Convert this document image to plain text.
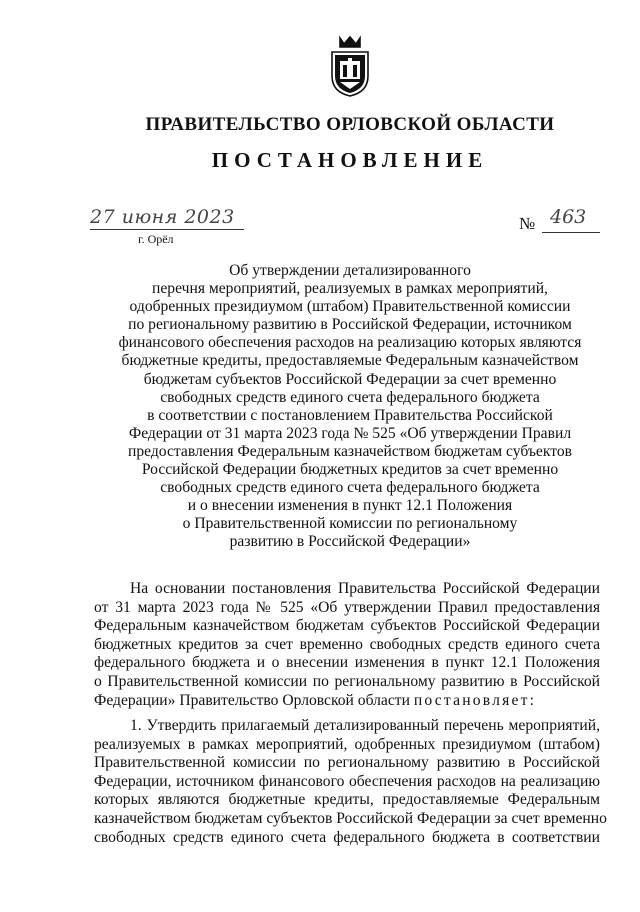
ПРАВИТЕЛЬСТВО ОРЛОВСКОЙ ОБЛАСТИ
ПОСТАНОВЛЕНИЕ
27 июня 2023
г. Орёл
№ 463
Об утверждении детализированного
перечня мероприятий, реализуемых в рамках мероприятий,
одобренных президиумом (штабом) Правительственной комиссии
по региональному развитию в Российской Федерации, источником
финансового обеспечения расходов на реализацию которых являются
бюджетные кредиты, предоставляемые Федеральным казначейством
бюджетам субъектов Российской Федерации за счет временно
свободных средств единого счета федерального бюджета
в соответствии с постановлением Правительства Российской
Федерации от 31 марта 2023 года № 525 «Об утверждении Правил
предоставления Федеральным казначейством бюджетам субъектов
Российской Федерации бюджетных кредитов за счет временно
свободных средств единого счета федерального бюджета
и о внесении изменения в пункт 12.1 Положения
о Правительственной комиссии по региональному
развитию в Российской Федерации»
На основании постановления Правительства Российской Федерации
от 31 марта 2023 года № 525 «Об утверждении Правил предоставления
Федеральным казначейством бюджетам субъектов Российской Федерации
бюджетных кредитов за счет временно свободных средств единого счета
федерального бюджета и о внесении изменения в пункт 12.1 Положения
о Правительственной комиссии по региональному развитию в Российской
Федерации» Правительство Орловской области постановляет:
1. Утвердить прилагаемый детализированный перечень мероприятий,
реализуемых в рамках мероприятий, одобренных президиумом (штабом)
Правительственной комиссии по региональному развитию в Российской
Федерации, источником финансового обеспечения расходов на реализацию
которых являются бюджетные кредиты, предоставляемые Федеральным
казначейством бюджетам субъектов Российской Федерации за счет временно
свободных средств единого счета федерального бюджета в соответствии
